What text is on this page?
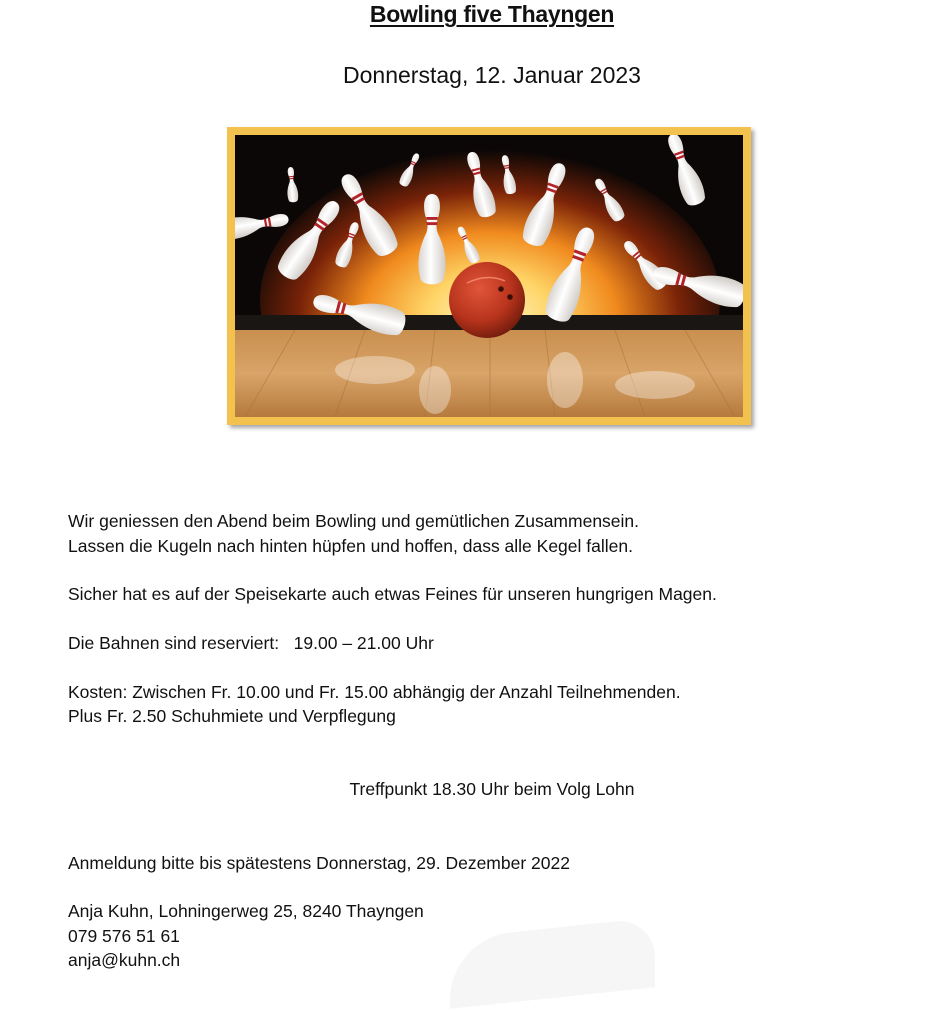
Bowling five Thayngen
Donnerstag, 12. Januar 2023
Wir geniessen den Abend beim Bowling und gemütlichen Zusammensein.
Lassen die Kugeln nach hinten hüpfen und hoffen, dass alle Kegel fallen.
Sicher hat es auf der Speisekarte auch etwas Feines für unseren hungrigen Magen.
Die Bahnen sind reserviert:   19.00 – 21.00 Uhr
Kosten: Zwischen Fr. 10.00 und Fr. 15.00 abhängig der Anzahl Teilnehmenden.
Plus Fr. 2.50 Schuhmiete und Verpflegung
Treffpunkt 18.30 Uhr beim Volg Lohn
Anmeldung bitte bis spätestens Donnerstag, 29. Dezember 2022
Anja Kuhn, Lohningerweg 25, 8240 Thayngen
079 576 51 61
anja@kuhn.ch
